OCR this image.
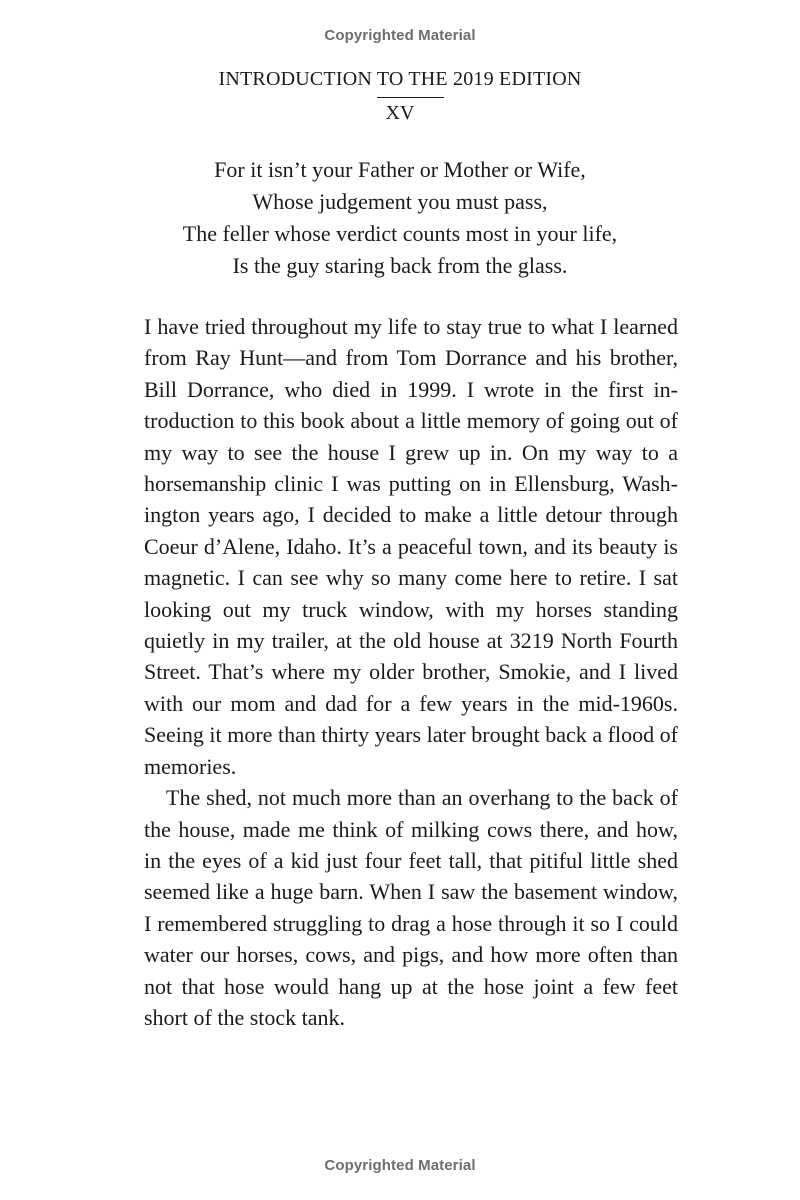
Copyrighted Material
INTRODUCTION TO THE 2019 EDITION
XV
For it isn’t your Father or Mother or Wife,
Whose judgement you must pass,
The feller whose verdict counts most in your life,
Is the guy staring back from the glass.

I have tried throughout my life to stay true to what I learned from Ray Hunt—and from Tom Dorrance and his brother, Bill Dorrance, who died in 1999. I wrote in the first introduction to this book about a little memory of going out of my way to see the house I grew up in. On my way to a horsemanship clinic I was putting on in Ellensburg, Washington years ago, I decided to make a little detour through Coeur d’Alene, Idaho. It’s a peaceful town, and its beauty is magnetic. I can see why so many come here to retire. I sat looking out my truck window, with my horses standing quietly in my trailer, at the old house at 3219 North Fourth Street. That’s where my older brother, Smokie, and I lived with our mom and dad for a few years in the mid-1960s. Seeing it more than thirty years later brought back a flood of memories.

The shed, not much more than an overhang to the back of the house, made me think of milking cows there, and how, in the eyes of a kid just four feet tall, that pitiful little shed seemed like a huge barn. When I saw the basement window, I remembered struggling to drag a hose through it so I could water our horses, cows, and pigs, and how more often than not that hose would hang up at the hose joint a few feet short of the stock tank.

Copyrighted Material
